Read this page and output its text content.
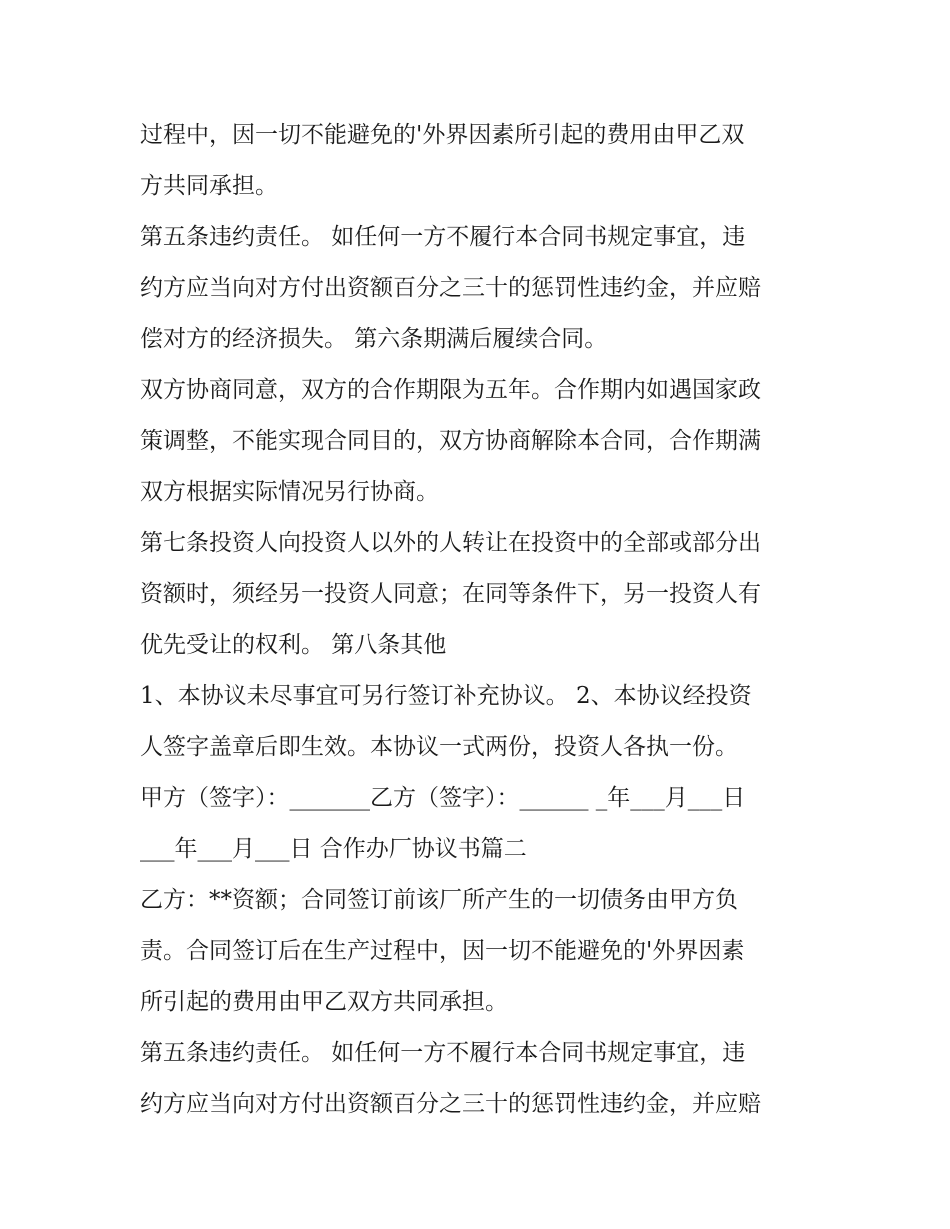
过程中，因一切不能避免的'外界因素所引起的费用由甲乙双
方共同承担。
第五条违约责任。 如任何一方不履行本合同书规定事宜，违
约方应当向对方付出资额百分之三十的惩罚性违约金，并应赔
偿对方的经济损失。 第六条期满后履续合同。
双方协商同意，双方的合作期限为五年。合作期内如遇国家政
策调整，不能实现合同目的，双方协商解除本合同，合作期满
双方根据实际情况另行协商。
第七条投资人向投资人以外的人转让在投资中的全部或部分出
资额时，须经另一投资人同意；在同等条件下，另一投资人有
优先受让的权利。 第八条其他
1、本协议未尽事宜可另行签订补充协议。 2、本协议经投资
人签字盖章后即生效。本协议一式两份，投资人各执一份。
甲方（签字）：_______乙方（签字）：______ _年___月___日
___年___月___日 合作办厂协议书篇二
乙方：**资额；合同签订前该厂所产生的一切债务由甲方负
责。合同签订后在生产过程中，因一切不能避免的'外界因素
所引起的费用由甲乙双方共同承担。
第五条违约责任。 如任何一方不履行本合同书规定事宜，违
约方应当向对方付出资额百分之三十的惩罚性违约金，并应赔
